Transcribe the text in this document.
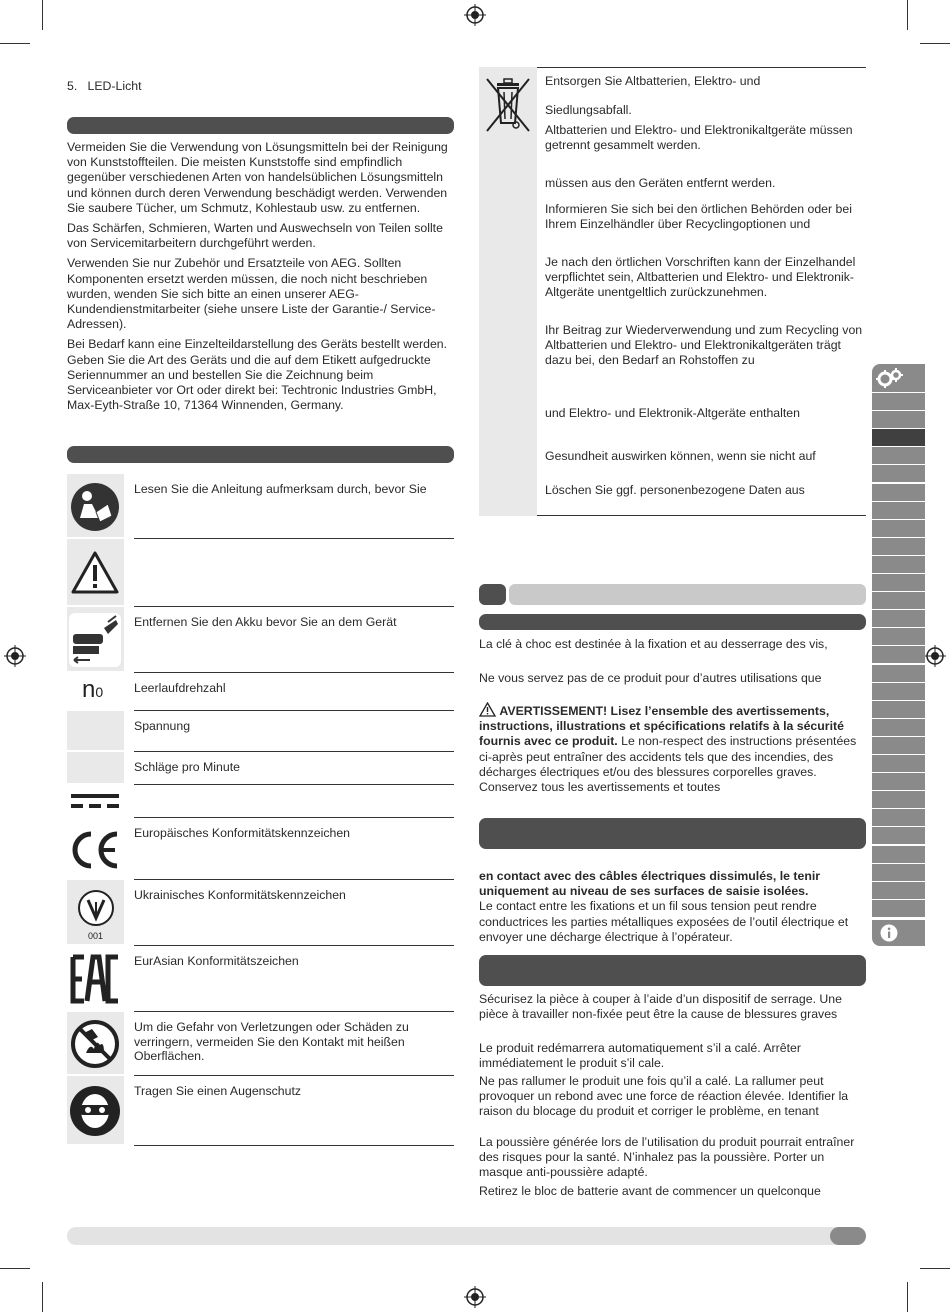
5.   LED-Licht

Vermeiden Sie die Verwendung von Lösungsmitteln bei der Reinigung von Kunststoffteilen. Die meisten Kunststoffe sind empfindlich gegenüber verschiedenen Arten von handelsüblichen Lösungsmitteln und können durch deren Verwendung beschädigt werden. Verwenden Sie saubere Tücher, um Schmutz, Kohlestaub usw. zu entfernen.

Das Schärfen, Schmieren, Warten und Auswechseln von Teilen sollte von Servicemitarbeitern durchgeführt werden.

Verwenden Sie nur Zubehör und Ersatzteile von AEG. Sollten Komponenten ersetzt werden müssen, die noch nicht beschrieben wurden, wenden Sie sich bitte an einen unserer AEG-Kundendienstmitarbeiter (siehe unsere Liste der Garantie-/ Service-Adressen).

Bei Bedarf kann eine Einzelteildarstellung des Geräts bestellt werden. Geben Sie die Art des Geräts und die auf dem Etikett aufgedruckte Seriennummer an und bestellen Sie die Zeichnung beim Serviceanbieter vor Ort oder direkt bei: Techtronic Industries GmbH, Max-Eyth-Straße 10, 71364 Winnenden, Germany.

Lesen Sie die Anleitung aufmerksam durch, bevor Sie

Entfernen Sie den Akku bevor Sie an dem Gerät

n0	Leerlaufdrehzahl

Spannung

Schläge pro Minute

Europäisches Konformitätskennzeichen

001

Ukrainisches Konformitätskennzeichen

EurAsian Konformitätszeichen

Um die Gefahr von Verletzungen oder Schäden zu verringern, vermeiden Sie den Kontakt mit heißen Oberflächen.

Tragen Sie einen Augenschutz

Entsorgen Sie Altbatterien, Elektro- und

Siedlungsabfall.

Altbatterien und Elektro- und Elektronikaltgeräte müssen getrennt gesammelt werden.

müssen aus den Geräten entfernt werden.

Informieren Sie sich bei den örtlichen Behörden oder bei Ihrem Einzelhändler über Recyclingoptionen und

Je nach den örtlichen Vorschriften kann der Einzelhandel verpflichtet sein, Altbatterien und Elektro- und Elektronik-Altgeräte unentgeltlich zurückzunehmen.

Ihr Beitrag zur Wiederverwendung und zum Recycling von Altbatterien und Elektro- und Elektronikaltgeräten trägt dazu bei, den Bedarf an Rohstoffen zu

und Elektro- und Elektronik-Altgeräte enthalten

Gesundheit auswirken können, wenn sie nicht auf

Löschen Sie ggf. personenbezogene Daten aus

La clé à choc est destinée à la fixation et au desserrage des vis,

Ne vous servez pas de ce produit pour d’autres utilisations que

AVERTISSEMENT! Lisez l’ensemble des avertissements, instructions, illustrations et spécifications relatifs à la sécurité fournis avec ce produit. Le non-respect des instructions présentées ci-après peut entraîner des accidents tels que des incendies, des décharges électriques et/ou des blessures corporelles graves. Conservez tous les avertissements et toutes

en contact avec des câbles électriques dissimulés, le tenir uniquement au niveau de ses surfaces de saisie isolées.

Le contact entre les fixations et un fil sous tension peut rendre conductrices les parties métalliques exposées de l’outil électrique et envoyer une décharge électrique à l’opérateur.

Sécurisez la pièce à couper à l’aide d’un dispositif de serrage. Une pièce à travailler non-fixée peut être la cause de blessures graves

Le produit redémarrera automatiquement s’il a calé. Arrêter immédiatement le produit s’il cale.

Ne pas rallumer le produit une fois qu’il a calé. La rallumer peut provoquer un rebond avec une force de réaction élevée. Identifier la raison du blocage du produit et corriger le problème, en tenant

La poussière générée lors de l’utilisation du produit pourrait entraîner des risques pour la santé. N’inhalez pas la poussière. Porter un masque anti-poussière adapté.

Retirez le bloc de batterie avant de commencer un quelconque
